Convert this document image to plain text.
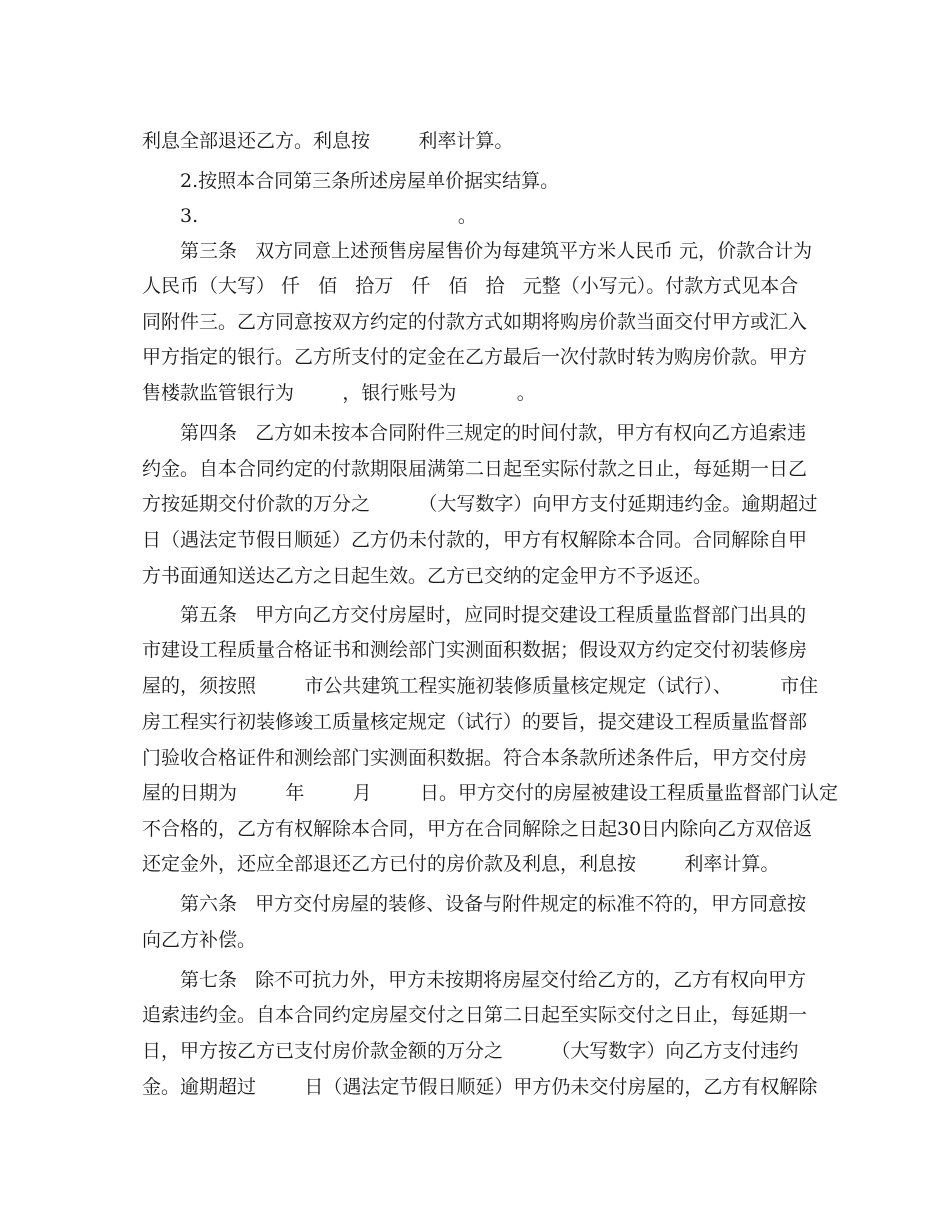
利息全部退还乙方。利息按        利率计算。

2.按照本合同第三条所述房屋单价据实结算。

3.                                           。

第三条   双方同意上述预售房屋售价为每建筑平方米人民币 元，价款合计为

人民币（大写） 仟   佰   拾万   仟   佰   拾   元整（小写元）。付款方式见本合

同附件三。乙方同意按双方约定的付款方式如期将购房价款当面交付甲方或汇入

甲方指定的银行。乙方所支付的定金在乙方最后一次付款时转为购房价款。甲方

售楼款监管银行为        ，银行账号为          。

第四条   乙方如未按本合同附件三规定的时间付款，甲方有权向乙方追索违

约金。自本合同约定的付款期限届满第二日起至实际付款之日止，每延期一日乙

方按延期交付价款的万分之        （大写数字）向甲方支付延期违约金。逾期超过

日（遇法定节假日顺延）乙方仍未付款的，甲方有权解除本合同。合同解除自甲

方书面通知送达乙方之日起生效。乙方已交纳的定金甲方不予返还。

第五条   甲方向乙方交付房屋时，应同时提交建设工程质量监督部门出具的

市建设工程质量合格证书和测绘部门实测面积数据；假设双方约定交付初装修房

屋的，须按照        市公共建筑工程实施初装修质量核定规定（试行）、        市住

房工程实行初装修竣工质量核定规定（试行）的要旨，提交建设工程质量监督部

门验收合格证件和测绘部门实测面积数据。符合本条款所述条件后，甲方交付房

屋的日期为        年        月        日。甲方交付的房屋被建设工程质量监督部门认定

不合格的，乙方有权解除本合同，甲方在合同解除之日起30日内除向乙方双倍返

还定金外，还应全部退还乙方已付的房价款及利息，利息按        利率计算。

第六条   甲方交付房屋的装修、设备与附件规定的标准不符的，甲方同意按

向乙方补偿。

第七条   除不可抗力外，甲方未按期将房屋交付给乙方的，乙方有权向甲方

追索违约金。自本合同约定房屋交付之日第二日起至实际交付之日止，每延期一

日，甲方按乙方已支付房价款金额的万分之        （大写数字）向乙方支付违约

金。逾期超过        日（遇法定节假日顺延）甲方仍未交付房屋的，乙方有权解除
